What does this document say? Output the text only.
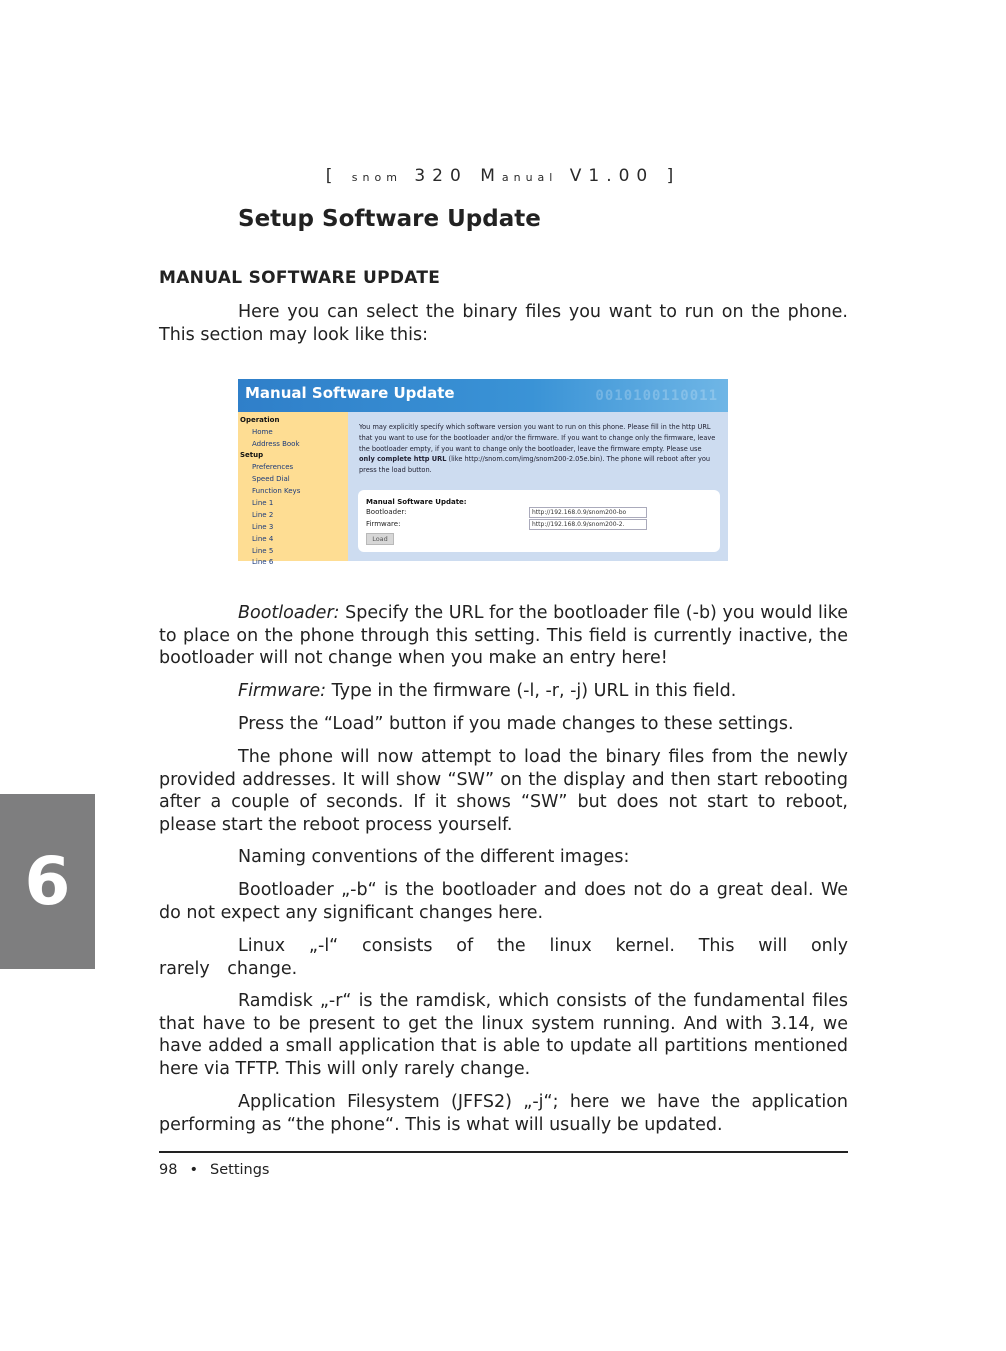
[ snom 320 Manual V1.00 ]
Setup Software Update
MANUAL SOFTWARE UPDATE

Here you can select the binary files you want to run on the phone. This section may look like this:

Manual Software Update	0010100110011
Operation
Home
Address Book
Setup
Preferences
Speed Dial
Function Keys
Line 1
Line 2
Line 3
Line 4
Line 5
Line 6
You may explicitly specify which software version you want to run on this phone. Please fill in the http URL that you want to use for the bootloader and/or the firmware. If you want to change only the firmware, leave the bootloader empty, if you want to change only the bootloader, leave the firmware empty. Please use only complete http URL (like http://snom.com/img/snom200-2.05e.bin). The phone will reboot after you press the load button.
Manual Software Update:
Bootloader:	http://192.168.0.9/snom200-bo
Firmware:	http://192.168.0.9/snom200-2.
Load

Bootloader: Specify the URL for the bootloader file (-b) you would like to place on the phone through this setting. This field is currently inactive, the bootloader will not change when you make an entry here!

Firmware: Type in the firmware (-l, -r, -j) URL in this field.

Press the “Load” button if you made changes to these settings.

The phone will now attempt to load the binary files from the newly provided addresses. It will show “SW” on the display and then start rebooting after a couple of seconds. If it shows “SW” but does not start to reboot, please start the reboot process yourself.

Naming conventions of the different images:

Bootloader „-b“ is the bootloader and does not do a great deal. We do not expect any significant changes here.

Linux „-l“ consists of the linux kernel. This will only rarely change.

Ramdisk „-r“ is the ramdisk, which consists of the fundamental files that have to be present to get the linux system running. And with 3.14, we have added a small application that is able to update all partitions mentioned here via TFTP. This will only rarely change.

Application Filesystem (JFFS2) „-j“; here we have the application performing as “the phone“. This is what will usually be updated.

98 • Settings
6
